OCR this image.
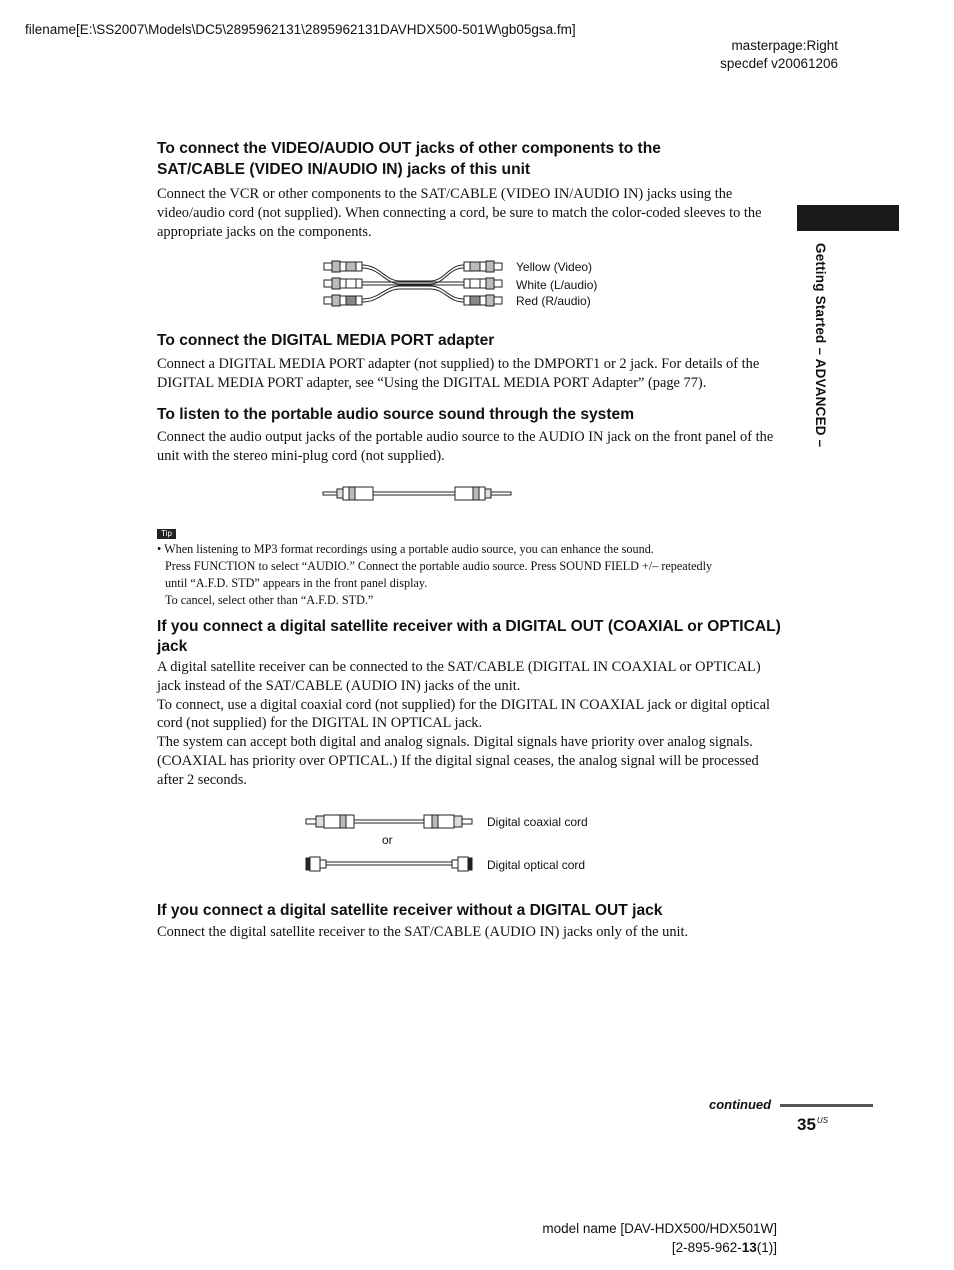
filename[E:\SS2007\Models\DC5\2895962131\2895962131DAVHDX500-501W\gb05gsa.fm]
masterpage:Right
specdef v20061206
Getting Started – ADVANCED –
To connect the VIDEO/AUDIO OUT jacks of other components to the
SAT/CABLE (VIDEO IN/AUDIO IN) jacks of this unit
Connect the VCR or other components to the SAT/CABLE (VIDEO IN/AUDIO IN) jacks using the video/audio cord (not supplied). When connecting a cord, be sure to match the color-coded sleeves to the appropriate jacks on the components.
Yellow (Video)
White (L/audio)
Red (R/audio)
To connect the DIGITAL MEDIA PORT adapter
Connect a DIGITAL MEDIA PORT adapter (not supplied) to the DMPORT1 or 2 jack. For details of the DIGITAL MEDIA PORT adapter, see “Using the DIGITAL MEDIA PORT Adapter” (page 77).
To listen to the portable audio source sound through the system
Connect the audio output jacks of the portable audio source to the AUDIO IN jack on the front panel of the unit with the stereo mini-plug cord (not supplied).
Tip
• When listening to MP3 format recordings using a portable audio source, you can enhance the sound.
Press FUNCTION to select “AUDIO.” Connect the portable audio source. Press SOUND FIELD +/– repeatedly
until “A.F.D. STD” appears in the front panel display.
To cancel, select other than “A.F.D. STD.”
If you connect a digital satellite receiver with a DIGITAL OUT (COAXIAL or OPTICAL) jack
A digital satellite receiver can be connected to the SAT/CABLE (DIGITAL IN COAXIAL or OPTICAL) jack instead of the SAT/CABLE (AUDIO IN) jacks of the unit.
To connect, use a digital coaxial cord (not supplied) for the DIGITAL IN COAXIAL jack or digital optical cord (not supplied) for the DIGITAL IN OPTICAL jack.
The system can accept both digital and analog signals. Digital signals have priority over analog signals. (COAXIAL has priority over OPTICAL.) If the digital signal ceases, the analog signal will be processed after 2 seconds.
Digital coaxial cord
or
Digital optical cord
If you connect a digital satellite receiver without a DIGITAL OUT jack
Connect the digital satellite receiver to the SAT/CABLE (AUDIO IN) jacks only of the unit.
continued
$35^{US}$
model name [DAV-HDX500/HDX501W]
[2-895-962-13(1)]
